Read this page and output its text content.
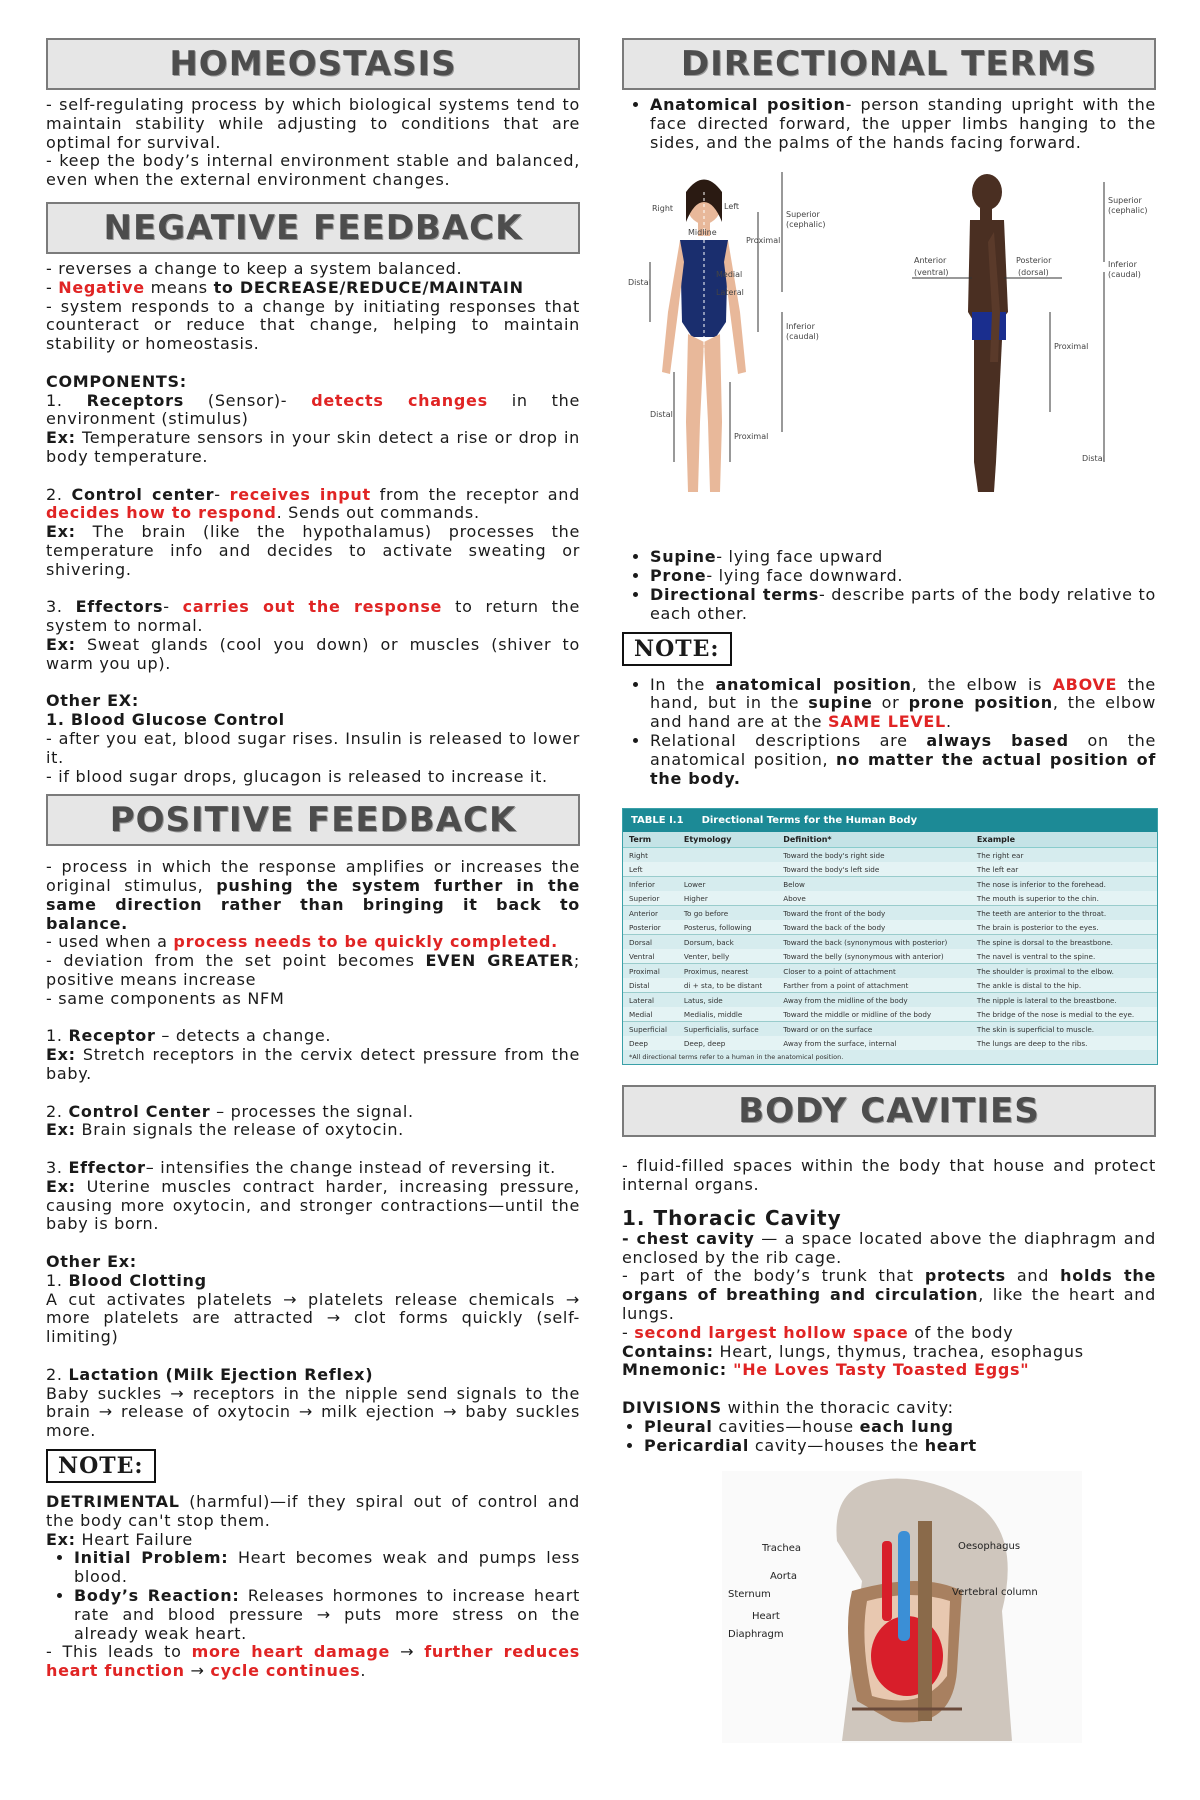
HOMEOSTASIS

- self-regulating process by which biological systems tend to maintain stability while adjusting to conditions that are optimal for survival.

- keep the body’s internal environment stable and balanced, even when the external environment changes.

NEGATIVE FEEDBACK

- reverses a change to keep a system balanced.

- Negative means to DECREASE/REDUCE/MAINTAIN

- system responds to a change by initiating responses that counteract or reduce that change, helping to maintain stability or homeostasis.

COMPONENTS:

1. Receptors (Sensor)- detects changes in the environment (stimulus)

Ex: Temperature sensors in your skin detect a rise or drop in body temperature.

2. Control center- receives input from the receptor and decides how to respond. Sends out commands.

Ex: The brain (like the hypothalamus) processes the temperature info and decides to activate sweating or shivering.

3. Effectors- carries out the response to return the system to normal.

Ex: Sweat glands (cool you down) or muscles (shiver to warm you up).

Other EX:

1. Blood Glucose Control

- after you eat, blood sugar rises. Insulin is released to lower it.

- if blood sugar drops, glucagon is released to increase it.

POSITIVE FEEDBACK

- process in which the response amplifies or increases the original stimulus, pushing the system further in the same direction rather than bringing it back to balance.

- used when a process needs to be quickly completed.

- deviation from the set point becomes EVEN GREATER; positive means increase

- same components as NFM

1. Receptor – detects a change.

Ex: Stretch receptors in the cervix detect pressure from the baby.

2. Control Center – processes the signal.

Ex: Brain signals the release of oxytocin.

3. Effector– intensifies the change instead of reversing it.

Ex: Uterine muscles contract harder, increasing pressure, causing more oxytocin, and stronger contractions—until the baby is born.

Other Ex:

1. Blood Clotting

A cut activates platelets → platelets release chemicals → more platelets are attracted → clot forms quickly (self-limiting)

2. Lactation (Milk Ejection Reflex)

Baby suckles → receptors in the nipple send signals to the brain → release of oxytocin → milk ejection → baby suckles more.

NOTE:

DETRIMENTAL (harmful)—if they spiral out of control and the body can't stop them.

Ex: Heart Failure

• Initial Problem: Heart becomes weak and pumps less blood.
• Body’s Reaction: Releases hormones to increase heart rate and blood pressure → puts more stress on the already weak heart.

- This leads to more heart damage → further reduces heart function → cycle continues.

DIRECTIONAL TERMS
• Anatomical position- person standing upright with the face directed forward, the upper limbs hanging to the sides, and the palms of the hands facing forward.
Right	Left
Midline
Medial
Lateral
Proximal
Distal
Superior
(cephalic)
Inferior
(caudal)
Distal
Proximal
Anterior
(ventral)
Posterior
(dorsal)
Superior
(cephalic)
Inferior
(caudal)
Proximal
Distal
• Supine- lying face upward
• Prone- lying face downward.
• Directional terms- describe parts of the body relative to each other.
NOTE:
• In the anatomical position, the elbow is ABOVE the hand, but in the supine or prone position, the elbow and hand are at the SAME LEVEL.
• Relational descriptions are always based on the anatomical position, no matter the actual position of the body.
TABLE I.1 Directional Terms for the Human Body
Term	Etymology	Definition*	Example
Right		Toward the body's right side	The right ear
Left		Toward the body's left side	The left ear
Inferior	Lower	Below	The nose is inferior to the forehead.
Superior	Higher	Above	The mouth is superior to the chin.
Anterior	To go before	Toward the front of the body	The teeth are anterior to the throat.
Posterior	Posterus, following	Toward the back of the body	The brain is posterior to the eyes.
Dorsal	Dorsum, back	Toward the back (synonymous with posterior)	The spine is dorsal to the breastbone.
Ventral	Venter, belly	Toward the belly (synonymous with anterior)	The navel is ventral to the spine.
Proximal	Proximus, nearest	Closer to a point of attachment	The shoulder is proximal to the elbow.
Distal	di + sta, to be distant	Farther from a point of attachment	The ankle is distal to the hip.
Lateral	Latus, side	Away from the midline of the body	The nipple is lateral to the breastbone.
Medial	Medialis, middle	Toward the middle or midline of the body	The bridge of the nose is medial to the eye.
Superficial	Superficialis, surface	Toward or on the surface	The skin is superficial to muscle.
Deep	Deep, deep	Away from the surface, internal	The lungs are deep to the ribs.
*All directional terms refer to a human in the anatomical position.
BODY CAVITIES

- fluid-filled spaces within the body that house and protect internal organs.

1. Thoracic Cavity

- chest cavity — a space located above the diaphragm and enclosed by the rib cage.

- part of the body’s trunk that protects and holds the organs of breathing and circulation, like the heart and lungs.

- second largest hollow space of the body

Contains: Heart, lungs, thymus, trachea, esophagus

Mnemonic: "He Loves Tasty Toasted Eggs"

DIVISIONS within the thoracic cavity:

• Pleural cavities—house each lung
• Pericardial cavity—houses the heart
Trachea	Oesophagus
Aorta
Sternum	Vertebral column
Heart
Diaphragm
